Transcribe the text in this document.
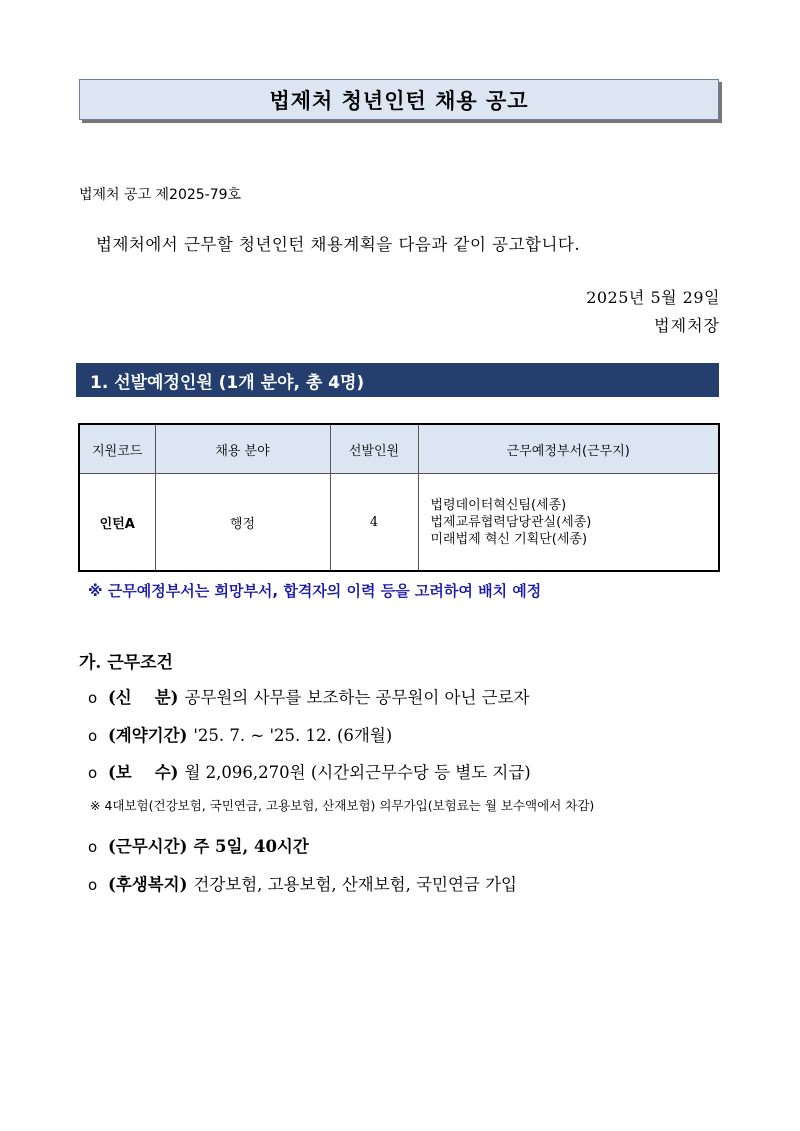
법제처 청년인턴 채용 공고
법제처 공고 제2025-79호
법제처에서 근무할 청년인턴 채용계획을 다음과 같이 공고합니다.
2025년 5월 29일
법제처장
1. 선발예정인원 (1개 분야, 총 4명)
지원코드	채용 분야	선발인원	근무예정부서(근무지)
인턴A	행정	4	법령데이터혁신팀(세종)
법제교류협력담당관실(세종)
미래법제 혁신 기획단(세종)
※ 근무예정부서는 희망부서, 합격자의 이력 등을 고려하여 배치 예정
가. 근무조건
o (신    분) 공무원의 사무를 보조하는 공무원이 아닌 근로자
o (계약기간) '25. 7. ~ '25. 12. (6개월)
o (보    수) 월 2,096,270원 (시간외근무수당 등 별도 지급)
※ 4대보험(건강보험, 국민연금, 고용보험, 산재보험) 의무가입(보험료는 월 보수액에서 차감)
o (근무시간) 주 5일, 40시간
o (후생복지) 건강보험, 고용보험, 산재보험, 국민연금 가입
